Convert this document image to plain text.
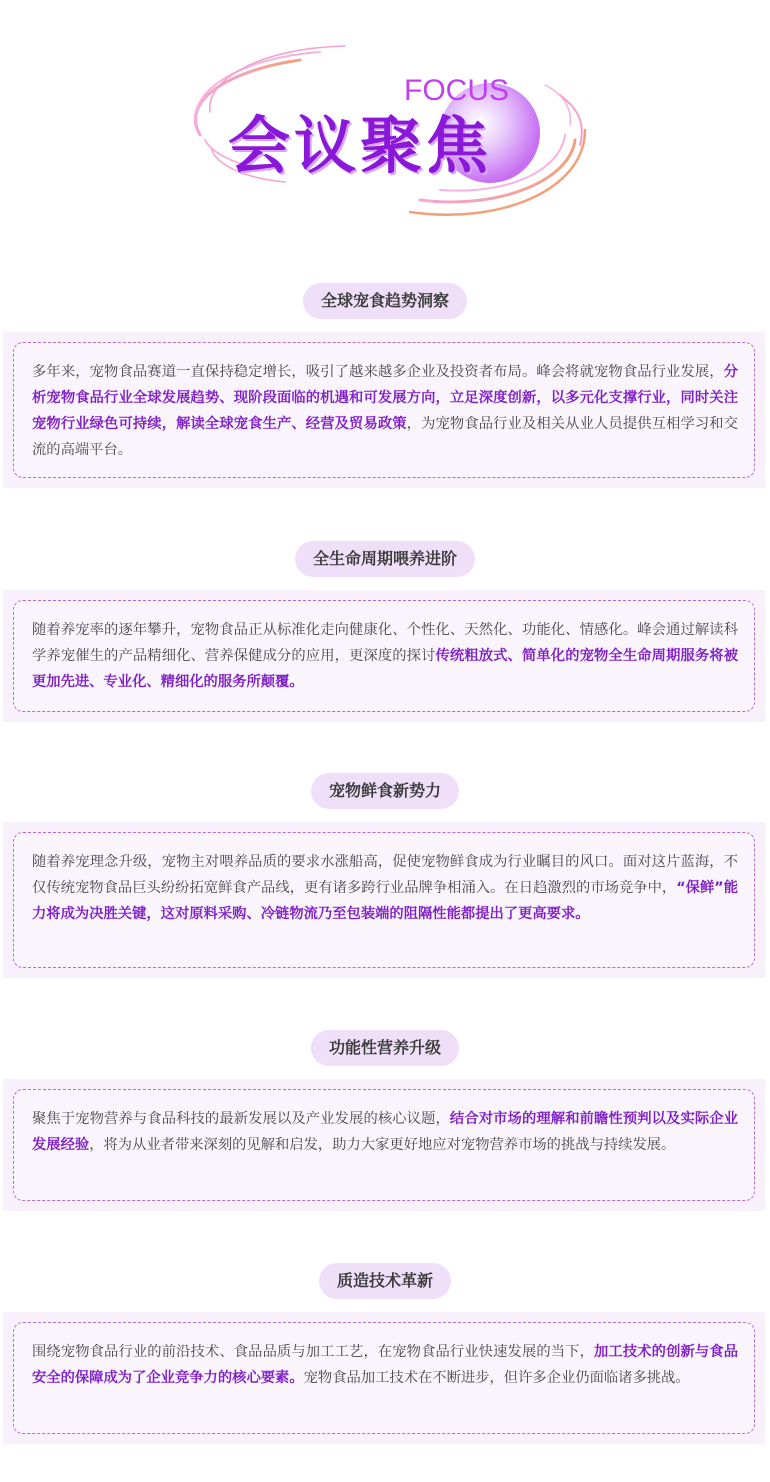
FOCUS
会议聚焦
全球宠食趋势洞察

多年来，宠物食品赛道一直保持稳定增长，吸引了越来越多企业及投资者布局。峰会将就宠物食品行业发展，分析宠物食品行业全球发展趋势、现阶段面临的机遇和可发展方向，立足深度创新，以多元化支撑行业，同时关注宠物行业绿色可持续，解读全球宠食生产、经营及贸易政策，为宠物食品行业及相关从业人员提供互相学习和交流的高端平台。

全生命周期喂养进阶

随着养宠率的逐年攀升，宠物食品正从标准化走向健康化、个性化、天然化、功能化、情感化。峰会通过解读科学养宠催生的产品精细化、营养保健成分的应用，更深度的探讨传统粗放式、简单化的宠物全生命周期服务将被更加先进、专业化、精细化的服务所颠覆。

宠物鲜食新势力

随着养宠理念升级，宠物主对喂养品质的要求水涨船高，促使宠物鲜食成为行业瞩目的风口。面对这片蓝海，不仅传统宠物食品巨头纷纷拓宽鲜食产品线，更有诸多跨行业品牌争相涌入。在日趋激烈的市场竞争中，“保鲜”能力将成为决胜关键，这对原料采购、冷链物流乃至包装端的阻隔性能都提出了更高要求。

功能性营养升级

聚焦于宠物营养与食品科技的最新发展以及产业发展的核心议题，结合对市场的理解和前瞻性预判以及实际企业发展经验，将为从业者带来深刻的见解和启发，助力大家更好地应对宠物营养市场的挑战与持续发展。

质造技术革新

围绕宠物食品行业的前沿技术、食品品质与加工工艺，在宠物食品行业快速发展的当下，加工技术的创新与食品安全的保障成为了企业竞争力的核心要素。宠物食品加工技术在不断进步，但许多企业仍面临诸多挑战。
